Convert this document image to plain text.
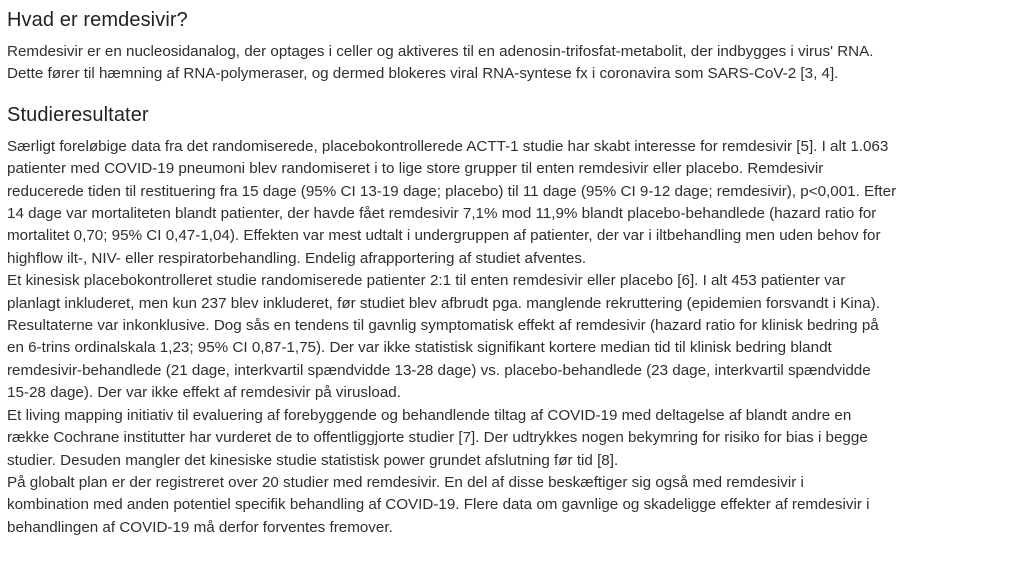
Hvad er remdesivir?

Remdesivir er en nucleosidanalog, der optages i celler og aktiveres til en adenosin-trifosfat-metabolit, der indbygges i virus' RNA.
Dette fører til hæmning af RNA-polymeraser, og dermed blokeres viral RNA-syntese fx i coronavira som SARS-CoV-2 [3, 4].

Studieresultater

Særligt foreløbige data fra det randomiserede, placebokontrollerede ACTT-1 studie har skabt interesse for remdesivir [5]. I alt 1.063
patienter med COVID-19 pneumoni blev randomiseret i to lige store grupper til enten remdesivir eller placebo. Remdesivir
reducerede tiden til restituering fra 15 dage (95% CI 13-19 dage; placebo) til 11 dage (95% CI 9-12 dage; remdesivir), p<0,001. Efter
14 dage var mortaliteten blandt patienter, der havde fået remdesivir 7,1% mod 11,9% blandt placebo-behandlede (hazard ratio for
mortalitet 0,70; 95% CI 0,47-1,04). Effekten var mest udtalt i undergruppen af patienter, der var i iltbehandling men uden behov for
highflow ilt-, NIV- eller respiratorbehandling. Endelig afrapportering af studiet afventes.
Et kinesisk placebokontrolleret studie randomiserede patienter 2:1 til enten remdesivir eller placebo [6]. I alt 453 patienter var
planlagt inkluderet, men kun 237 blev inkluderet, før studiet blev afbrudt pga. manglende rekruttering (epidemien forsvandt i Kina).
Resultaterne var inkonklusive. Dog sås en tendens til gavnlig symptomatisk effekt af remdesivir (hazard ratio for klinisk bedring på
en 6-trins ordinalskala 1,23; 95% CI 0,87-1,75). Der var ikke statistisk signifikant kortere median tid til klinisk bedring blandt
remdesivir-behandlede (21 dage, interkvartil spændvidde 13-28 dage) vs. placebo-behandlede (23 dage, interkvartil spændvidde
15-28 dage). Der var ikke effekt af remdesivir på virusload.
Et living mapping initiativ til evaluering af forebyggende og behandlende tiltag af COVID-19 med deltagelse af blandt andre en
række Cochrane institutter har vurderet de to offentliggjorte studier [7]. Der udtrykkes nogen bekymring for risiko for bias i begge
studier. Desuden mangler det kinesiske studie statistisk power grundet afslutning før tid [8].
På globalt plan er der registreret over 20 studier med remdesivir. En del af disse beskæftiger sig også med remdesivir i
kombination med anden potentiel specifik behandling af COVID-19. Flere data om gavnlige og skadeligge effekter af remdesivir i
behandlingen af COVID-19 må derfor forventes fremover.
